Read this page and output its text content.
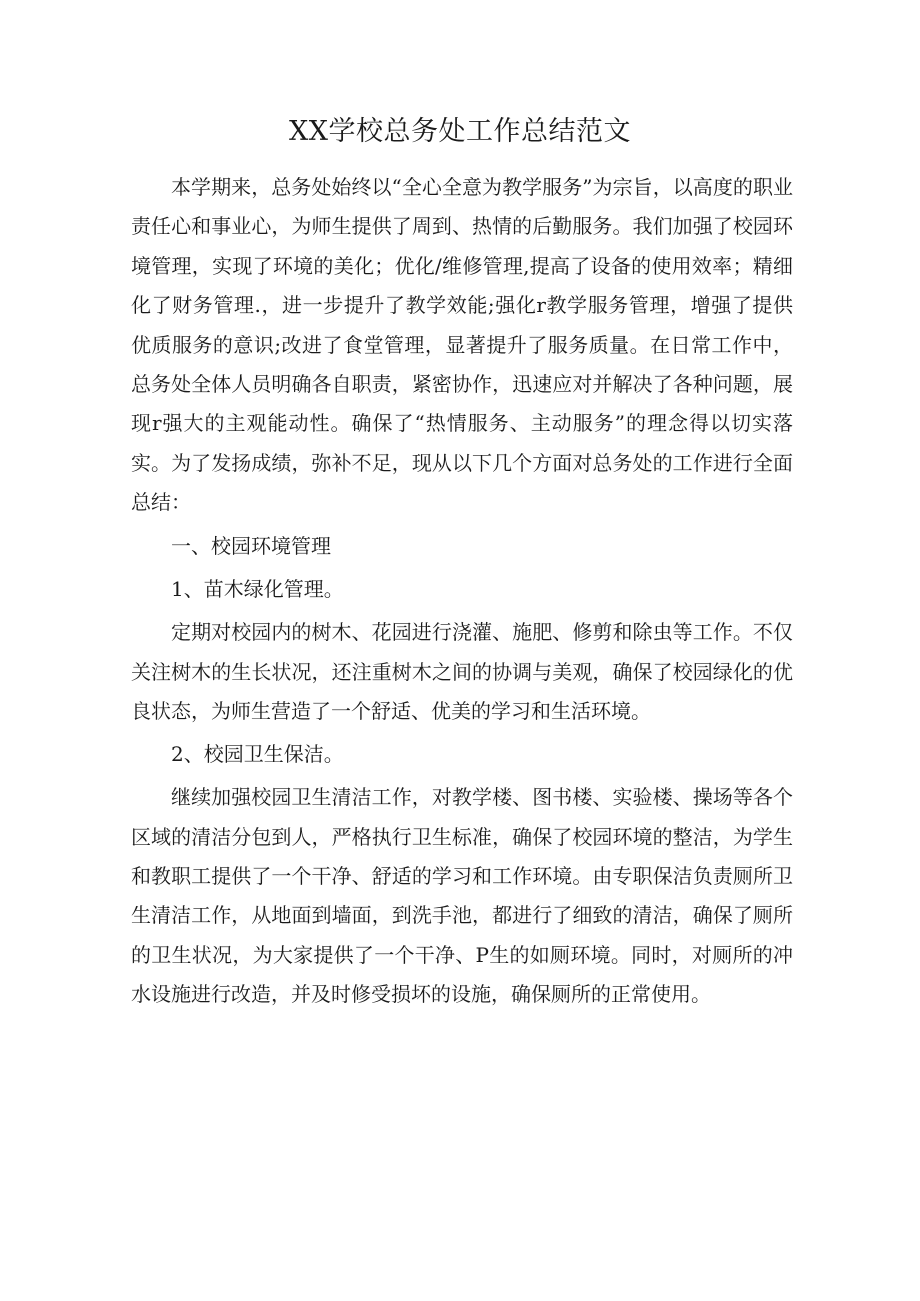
XX学校总务处工作总结范文

本学期来，总务处始终以“全心全意为教学服务”为宗旨，以高度的职业责任心和事业心，为师生提供了周到、热情的后勤服务。我们加强了校园环境管理，实现了环境的美化；优化/维修管理,提高了设备的使用效率；精细化了财务管理.，进一步提升了教学效能;强化r教学服务管理，增强了提供优质服务的意识;改进了食堂管理，显著提升了服务质量。在日常工作中，总务处全体人员明确各自职责，紧密协作，迅速应对并解决了各种问题，展现r强大的主观能动性。确保了“热情服务、主动服务”的理念得以切实落实。为了发扬成绩，弥补不足，现从以下几个方面对总务处的工作进行全面总结：

一、校园环境管理

1、苗木绿化管理。

定期对校园内的树木、花园进行浇灌、施肥、修剪和除虫等工作。不仅关注树木的生长状况，还注重树木之间的协调与美观，确保了校园绿化的优良状态，为师生营造了一个舒适、优美的学习和生活环境。

2、校园卫生保洁。

继续加强校园卫生清洁工作，对教学楼、图书楼、实验楼、操场等各个区域的清洁分包到人，严格执行卫生标准，确保了校园环境的整洁，为学生和教职工提供了一个干净、舒适的学习和工作环境。由专职保洁负责厕所卫生清洁工作，从地面到墙面，到洗手池，都进行了细致的清洁，确保了厕所的卫生状况，为大家提供了一个干净、P生的如厕环境。同时，对厕所的冲水设施进行改造，并及时修受损坏的设施，确保厕所的正常使用。
